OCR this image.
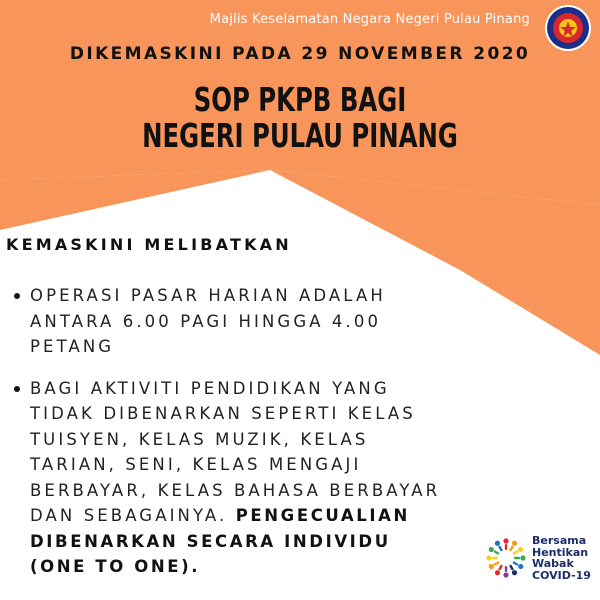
Majlis Keselamatan Negara Negeri Pulau Pinang
DIKEMASKINI PADA 29 NOVEMBER 2020
SOP PKPB BAGI
NEGERI PULAU PINANG
KEMASKINI MELIBATKAN
OPERASI PASAR HARIAN ADALAH ANTARA 6.00 PAGI HINGGA 4.00 PETANG
BAGI AKTIVITI PENDIDIKAN YANG TIDAK DIBENARKAN SEPERTI KELAS TUISYEN, KELAS MUZIK, KELAS TARIAN, SENI, KELAS MENGAJI BERBAYAR, KELAS BAHASA BERBAYAR DAN SEBAGAINYA. PENGECUALIAN DIBENARKAN SECARA INDIVIDU (ONE TO ONE).
Bersama
Hentikan
Wabak
COVID-19
